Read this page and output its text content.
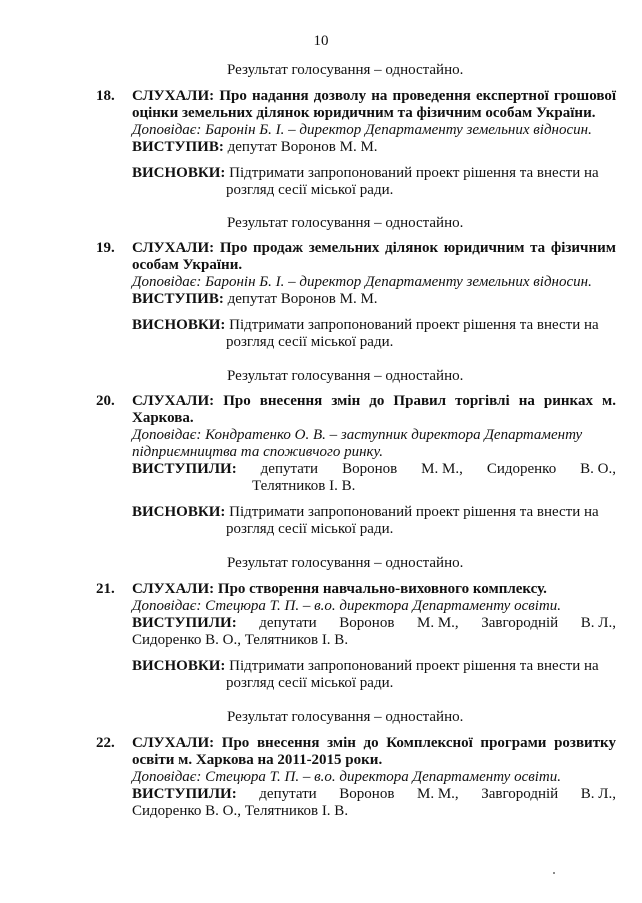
10
Результат голосування – одностайно.
18. СЛУХАЛИ: Про надання дозволу на проведення експертної грошової оцінки земельних ділянок юридичним та фізичним особам України.
Доповідає: Баронін Б. І. – директор Департаменту земельних відносин.
ВИСТУПИВ: депутат Воронов М. М.
ВИСНОВКИ: Підтримати запропонований проект рішення та внести на
розгляд сесії міської ради.
Результат голосування – одностайно.
19. СЛУХАЛИ: Про продаж земельних ділянок юридичним та фізичним особам України.
Доповідає: Баронін Б. І. – директор Департаменту земельних відносин.
ВИСТУПИВ: депутат Воронов М. М.
ВИСНОВКИ: Підтримати запропонований проект рішення та внести на
розгляд сесії міської ради.
Результат голосування – одностайно.
20. СЛУХАЛИ: Про внесення змін до Правил торгівлі на ринках м. Харкова.
Доповідає: Кондратенко О. В. – заступник директора Департаменту
підприємництва та споживчого ринку.
ВИСТУПИЛИ: депутати Воронов М. М., Сидоренко В. О.,
Телятников І. В.
ВИСНОВКИ: Підтримати запропонований проект рішення та внести на
розгляд сесії міської ради.
Результат голосування – одностайно.
21. СЛУХАЛИ: Про створення навчально-виховного комплексу.
Доповідає: Стецюра Т. П. – в.о. директора Департаменту освіти.
ВИСТУПИЛИ: депутати Воронов М. М., Завгородній В. Л.,
Сидоренко В. О., Телятников І. В.
ВИСНОВКИ: Підтримати запропонований проект рішення та внести на
розгляд сесії міської ради.
Результат голосування – одностайно.
22. СЛУХАЛИ: Про внесення змін до Комплексної програми розвитку освіти м. Харкова на 2011-2015 роки.
Доповідає: Стецюра Т. П. – в.о. директора Департаменту освіти.
ВИСТУПИЛИ: депутати Воронов М. М., Завгородній В. Л.,
Сидоренко В. О., Телятников І. В.
